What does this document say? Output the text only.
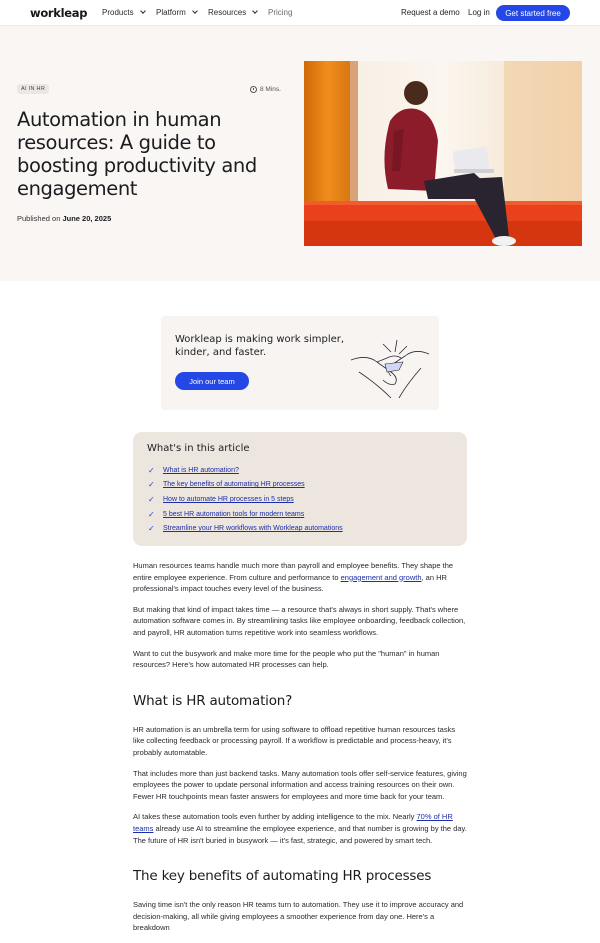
workleap Products	Platform	Resources	Pricing	Request a demo Log in	Get started free
AI IN HR	8 Mins.
Automation in human resources: A guide to boosting productivity and engagement
Published on June 20, 2025
Workleap is making work simpler, kinder, and faster.
Join our team
What's in this article
✓ What is HR automation?
✓ The key benefits of automating HR processes
✓ How to automate HR processes in 5 steps
✓ 5 best HR automation tools for modern teams
✓ Streamline your HR workflows with Workleap automations

Human resources teams handle much more than payroll and employee benefits. They shape the entire employee experience. From culture and performance to engagement and growth, an HR professional's impact touches every level of the business.

But making that kind of impact takes time — a resource that's always in short supply. That's where automation software comes in. By streamlining tasks like employee onboarding, feedback collection, and payroll, HR automation turns repetitive work into seamless workflows.

Want to cut the busywork and make more time for the people who put the "human" in human resources? Here's how automated HR processes can help.

What is HR automation?

HR automation is an umbrella term for using software to offload repetitive human resources tasks like collecting feedback or processing payroll. If a workflow is predictable and process-heavy, it's probably automatable.

That includes more than just backend tasks. Many automation tools offer self-service features, giving employees the power to update personal information and access training resources on their own. Fewer HR touchpoints mean faster answers for employees and more time back for your team.

AI takes these automation tools even further by adding intelligence to the mix. Nearly 70% of HR teams already use AI to streamline the employee experience, and that number is growing by the day. The future of HR isn't buried in busywork — it's fast, strategic, and powered by smart tech.

The key benefits of automating HR processes

Saving time isn't the only reason HR teams turn to automation. They use it to improve accuracy and decision-making, all while giving employees a smoother experience from day one. Here's a breakdown
